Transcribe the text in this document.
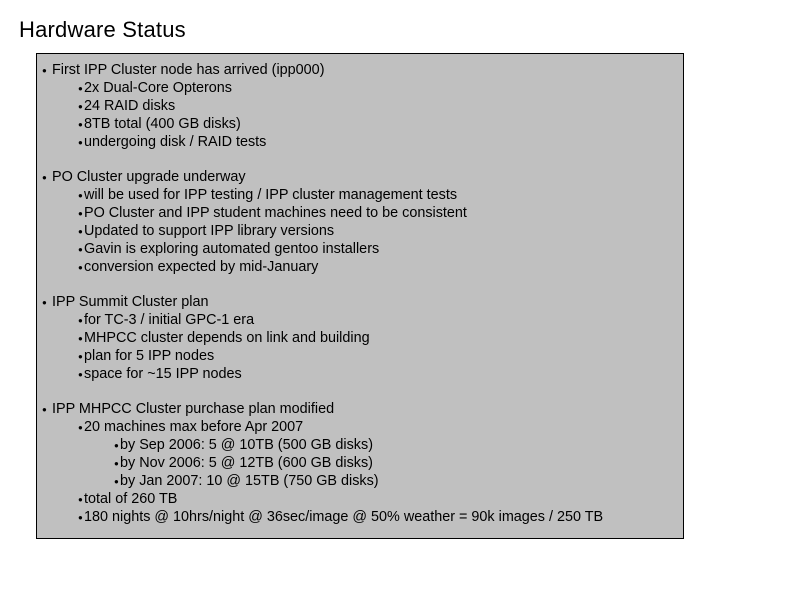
Hardware Status
● First IPP Cluster node has arrived (ipp000)
● 2x Dual-Core Opterons
● 24 RAID disks
● 8TB total (400 GB disks)
● undergoing disk / RAID tests
● PO Cluster upgrade underway
● will be used for IPP testing / IPP cluster management tests
● PO Cluster and IPP student machines need to be consistent
● Updated to support IPP library versions
● Gavin is exploring automated gentoo installers
● conversion expected by mid-January
● IPP Summit Cluster plan
● for TC-3 / initial GPC-1 era
● MHPCC cluster depends on link and building
● plan for 5 IPP nodes
● space for ~15 IPP nodes
● IPP MHPCC Cluster purchase plan modified
● 20 machines max before Apr 2007
● by Sep 2006: 5 @ 10TB (500 GB disks)
● by Nov 2006: 5 @ 12TB (600 GB disks)
● by Jan 2007: 10 @ 15TB (750 GB disks)
● total of 260 TB
● 180 nights @ 10hrs/night @ 36sec/image @ 50% weather = 90k images / 250 TB
